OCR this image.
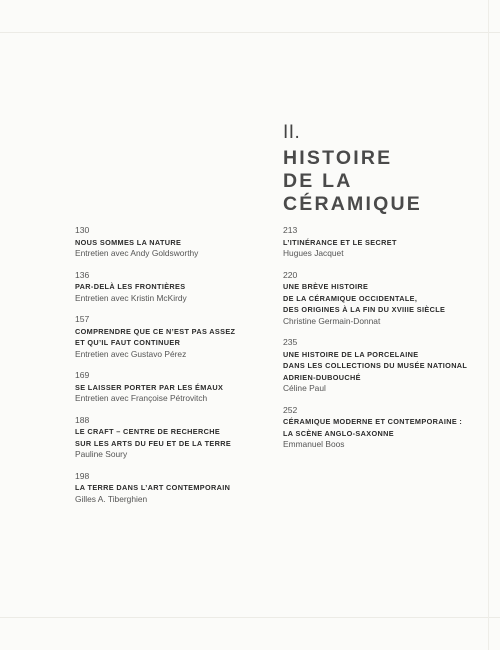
II.
HISTOIRE
DE LA
CÉRAMIQUE
130
NOUS SOMMES LA NATURE
Entretien avec Andy Goldsworthy
136
PAR-DELÀ LES FRONTIÈRES
Entretien avec Kristin McKirdy
157
COMPRENDRE QUE CE N’EST PAS ASSEZ
ET QU’IL FAUT CONTINUER
Entretien avec Gustavo Pérez
169
SE LAISSER PORTER PAR LES ÉMAUX
Entretien avec Françoise Pétrovitch
188
LE CRAFT – CENTRE DE RECHERCHE
SUR LES ARTS DU FEU ET DE LA TERRE
Pauline Soury
198
LA TERRE DANS L’ART CONTEMPORAIN
Gilles A. Tiberghien
213
L’ITINÉRANCE ET LE SECRET
Hugues Jacquet
220
UNE BRÈVE HISTOIRE
DE LA CÉRAMIQUE OCCIDENTALE,
DES ORIGINES À LA FIN DU XVIIIE SIÈCLE
Christine Germain-Donnat
235
UNE HISTOIRE DE LA PORCELAINE
DANS LES COLLECTIONS DU MUSÉE NATIONAL
ADRIEN-DUBOUCHÉ
Céline Paul
252
CÉRAMIQUE MODERNE ET CONTEMPORAINE :
LA SCÈNE ANGLO-SAXONNE
Emmanuel Boos
